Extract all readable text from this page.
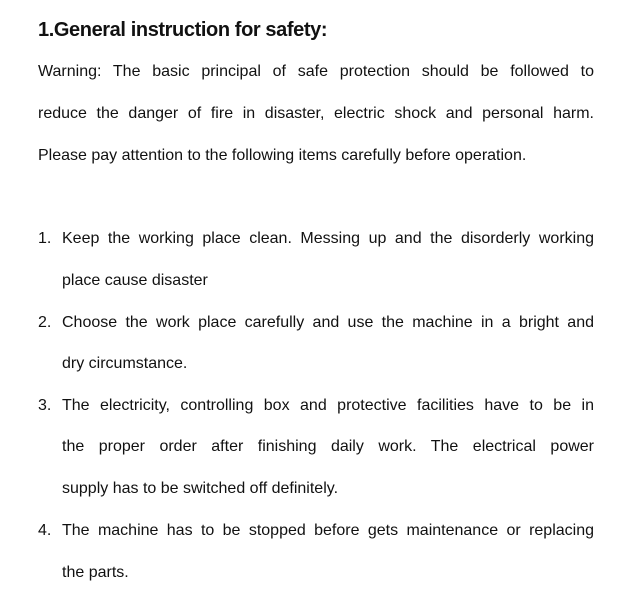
1.General instruction for safety:
Warning: The basic principal of safe protection should be followed to
reduce the danger of fire in disaster, electric shock and personal harm.
Please pay attention to the following items carefully before operation.
1. Keep the working place clean. Messing up and the disorderly working
place cause disaster
2. Choose the work place carefully and use the machine in a bright and
dry circumstance.
3. The electricity, controlling box and protective facilities have to be in
the proper order after finishing daily work. The electrical power
supply has to be switched off definitely.
4. The machine has to be stopped before gets maintenance or replacing
the parts.
